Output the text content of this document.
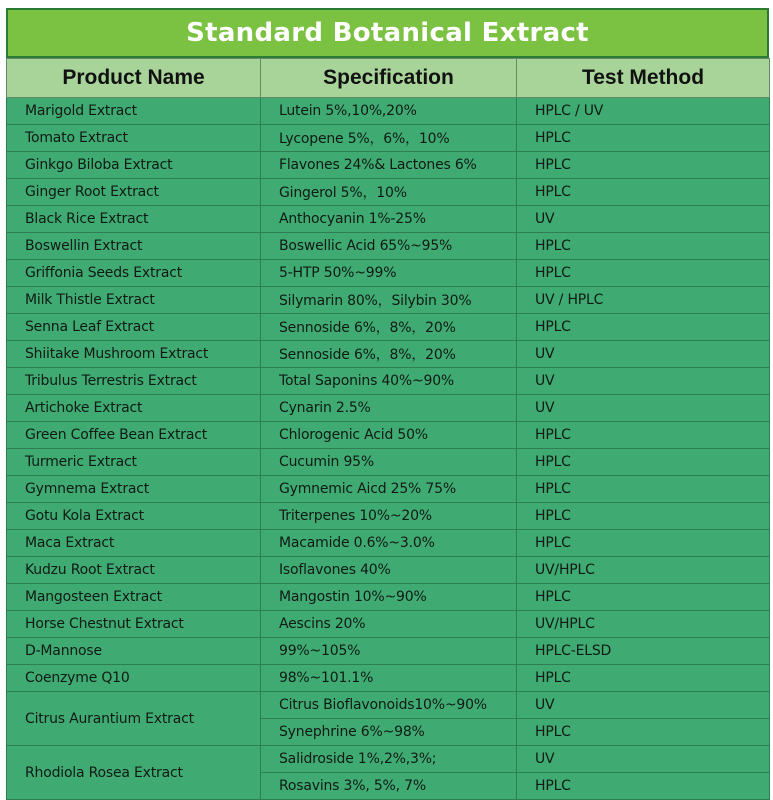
Standard Botanical Extract
Product Name	Specification	Test Method
Marigold Extract	Lutein 5%,10%,20%	HPLC / UV
Tomato Extract	Lycopene 5%，6%，10%	HPLC
Ginkgo Biloba Extract	Flavones 24%& Lactones 6%	HPLC
Ginger Root Extract	Gingerol 5%，10%	HPLC
Black Rice Extract	Anthocyanin 1%-25%	UV
Boswellin Extract	Boswellic Acid 65%~95%	HPLC
Griffonia Seeds Extract	5-HTP 50%~99%	HPLC
Milk Thistle Extract	Silymarin 80%，Silybin 30%	UV / HPLC
Senna Leaf Extract	Sennoside 6%，8%，20%	HPLC
Shiitake Mushroom Extract	Sennoside 6%，8%，20%	UV
Tribulus Terrestris Extract	Total Saponins 40%~90%	UV
Artichoke Extract	Cynarin 2.5%	UV
Green Coffee Bean Extract	Chlorogenic Acid 50%	HPLC
Turmeric Extract	Cucumin 95%	HPLC
Gymnema Extract	Gymnemic Aicd 25% 75%	HPLC
Gotu Kola Extract	Triterpenes 10%~20%	HPLC
Maca Extract	Macamide 0.6%~3.0%	HPLC
Kudzu Root Extract	Isoflavones 40%	UV/HPLC
Mangosteen Extract	Mangostin 10%~90%	HPLC
Horse Chestnut Extract	Aescins 20%	UV/HPLC
D-Mannose	99%~105%	HPLC-ELSD
Coenzyme Q10	98%~101.1%	HPLC
Citrus Aurantium Extract	Citrus Bioflavonoids10%~90%	UV
	Synephrine 6%~98%	HPLC
Rhodiola Rosea Extract	Salidroside 1%,2%,3%;	UV
	Rosavins 3%, 5%, 7%	HPLC
